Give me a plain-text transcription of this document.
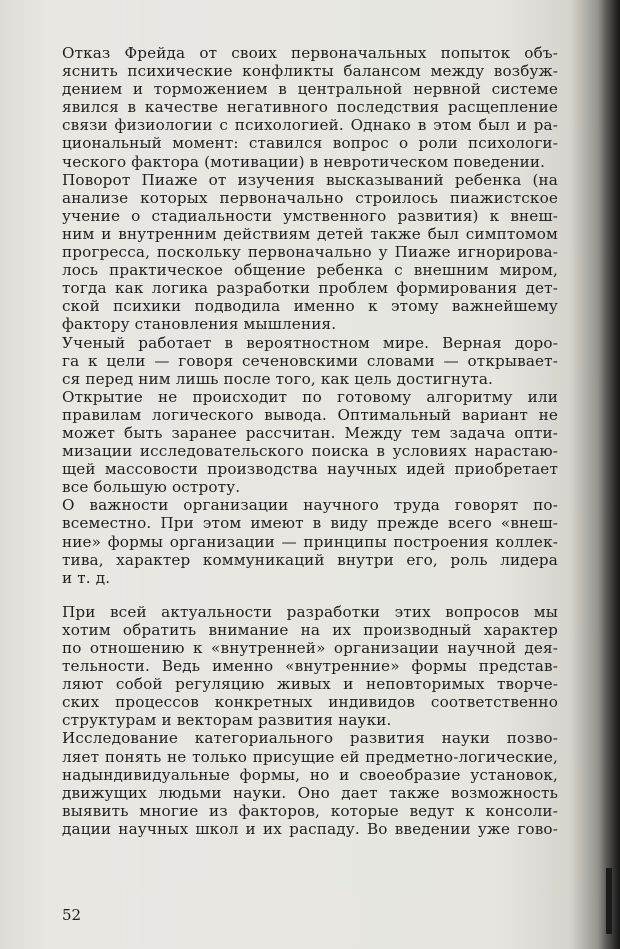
Отказ Фрейда от своих первоначальных попыток объ-
яснить психические конфликты балансом между возбуж-
дением и торможением в центральной нервной системе
явился в качестве негативного последствия расщепление
связи физиологии с психологией. Однако в этом был и ра-
циональный момент: ставился вопрос о роли психологи-
ческого фактора (мотивации) в невротическом поведении.

Поворот Пиаже от изучения высказываний ребенка (на
анализе которых первоначально строилось пиажистское
учение о стадиальности умственного развития) к внеш-
ним и внутренним действиям детей также был симптомом
прогресса, поскольку первоначально у Пиаже игнорирова-
лось практическое общение ребенка с внешним миром,
тогда как логика разработки проблем формирования дет-
ской психики подводила именно к этому важнейшему
фактору становления мышления.

Ученый работает в вероятностном мире. Верная доро-
га к цели — говоря сеченовскими словами — открывает-
ся перед ним лишь после того, как цель достигнута.

Открытие не происходит по готовому алгоритму или
правилам логического вывода. Оптимальный вариант не
может быть заранее рассчитан. Между тем задача опти-
мизации исследовательского поиска в условиях нарастаю-
щей массовости производства научных идей приобретает
все большую остроту.

О важности организации научного труда говорят по-
всеместно. При этом имеют в виду прежде всего «внеш-
ние» формы организации — принципы построения коллек-
тива, характер коммуникаций внутри его, роль лидера
и т. д.

При всей актуальности разработки этих вопросов мы
хотим обратить внимание на их производный характер
по отношению к «внутренней» организации научной дея-
тельности. Ведь именно «внутренние» формы представ-
ляют собой регуляцию живых и неповторимых творче-
ских процессов конкретных индивидов соответственно
структурам и векторам развития науки.

Исследование категориального развития науки позво-
ляет понять не только присущие ей предметно-логические,
надындивидуальные формы, но и своеобразие установок,
движущих людьми науки. Оно дает также возможность
выявить многие из факторов, которые ведут к консоли-
дации научных школ и их распаду. Во введении уже гово-

52
